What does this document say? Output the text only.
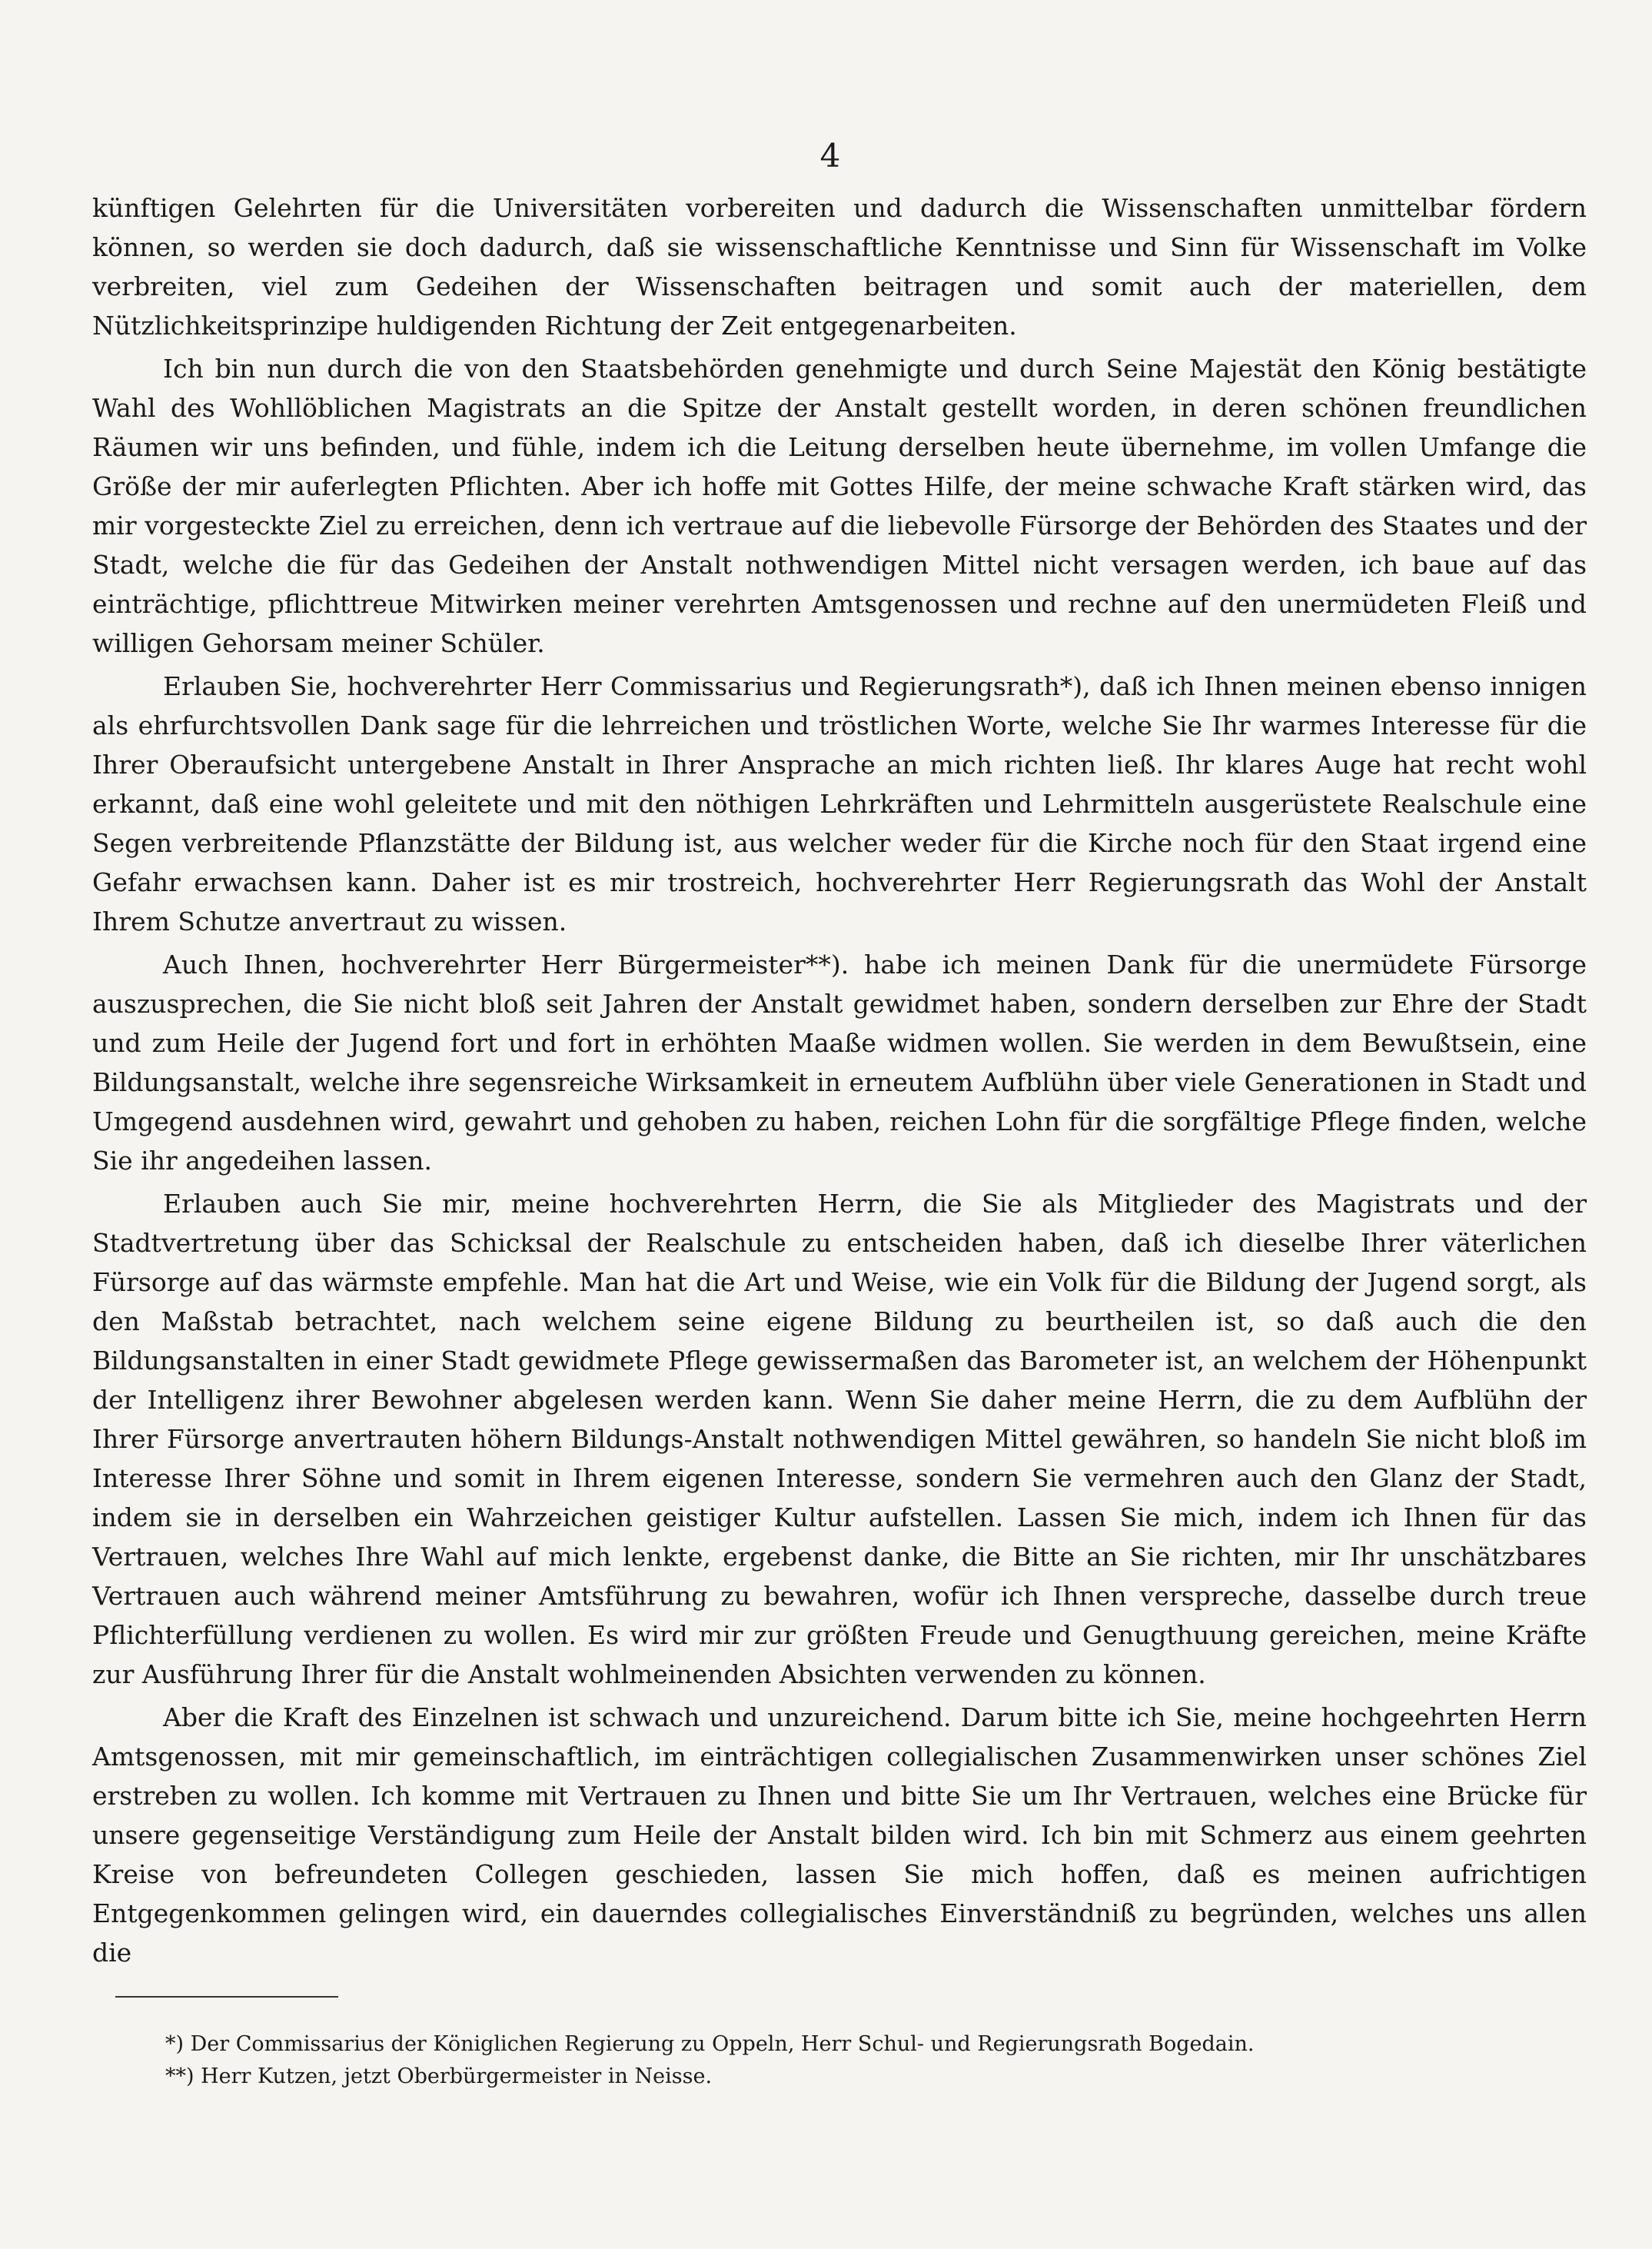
4

künftigen Gelehrten für die Universitäten vorbereiten und dadurch die Wissenschaften unmittelbar fördern können, so werden sie doch dadurch, daß sie wissenschaftliche Kenntnisse und Sinn für Wissenschaft im Volke verbreiten, viel zum Gedeihen der Wissenschaften beitragen und somit auch der materiellen, dem Nützlichkeitsprinzipe huldigenden Richtung der Zeit entgegenarbeiten.

Ich bin nun durch die von den Staatsbehörden genehmigte und durch Seine Majestät den König bestätigte Wahl des Wohllöblichen Magistrats an die Spitze der Anstalt gestellt worden, in deren schönen freundlichen Räumen wir uns befinden, und fühle, indem ich die Leitung derselben heute übernehme, im vollen Umfange die Größe der mir auferlegten Pflichten. Aber ich hoffe mit Gottes Hilfe, der meine schwache Kraft stärken wird, das mir vorgesteckte Ziel zu erreichen, denn ich vertraue auf die liebevolle Fürsorge der Behörden des Staates und der Stadt, welche die für das Gedeihen der Anstalt nothwendigen Mittel nicht versagen werden, ich baue auf das einträchtige, pflichttreue Mitwirken meiner verehrten Amtsgenossen und rechne auf den unermüdeten Fleiß und willigen Gehorsam meiner Schüler.

Erlauben Sie, hochverehrter Herr Commissarius und Regierungsrath*), daß ich Ihnen meinen ebenso innigen als ehrfurchtsvollen Dank sage für die lehrreichen und tröstlichen Worte, welche Sie Ihr warmes Interesse für die Ihrer Oberaufsicht untergebene Anstalt in Ihrer Ansprache an mich richten ließ. Ihr klares Auge hat recht wohl erkannt, daß eine wohl geleitete und mit den nöthigen Lehrkräften und Lehrmitteln ausgerüstete Realschule eine Segen verbreitende Pflanzstätte der Bildung ist, aus welcher weder für die Kirche noch für den Staat irgend eine Gefahr erwachsen kann. Daher ist es mir trostreich, hochverehrter Herr Regierungsrath das Wohl der Anstalt Ihrem Schutze anvertraut zu wissen.

Auch Ihnen, hochverehrter Herr Bürgermeister**). habe ich meinen Dank für die unermüdete Fürsorge auszusprechen, die Sie nicht bloß seit Jahren der Anstalt gewidmet haben, sondern derselben zur Ehre der Stadt und zum Heile der Jugend fort und fort in erhöhten Maaße widmen wollen. Sie werden in dem Bewußtsein, eine Bildungsanstalt, welche ihre segensreiche Wirksamkeit in erneutem Aufblühn über viele Generationen in Stadt und Umgegend ausdehnen wird, gewahrt und gehoben zu haben, reichen Lohn für die sorgfältige Pflege finden, welche Sie ihr angedeihen lassen.

Erlauben auch Sie mir, meine hochverehrten Herrn, die Sie als Mitglieder des Magistrats und der Stadtvertretung über das Schicksal der Realschule zu entscheiden haben, daß ich dieselbe Ihrer väterlichen Fürsorge auf das wärmste empfehle. Man hat die Art und Weise, wie ein Volk für die Bildung der Jugend sorgt, als den Maßstab betrachtet, nach welchem seine eigene Bildung zu beurtheilen ist, so daß auch die den Bildungsanstalten in einer Stadt gewidmete Pflege gewissermaßen das Barometer ist, an welchem der Höhenpunkt der Intelligenz ihrer Bewohner abgelesen werden kann. Wenn Sie daher meine Herrn, die zu dem Aufblühn der Ihrer Fürsorge anvertrauten höhern Bildungs-Anstalt nothwendigen Mittel gewähren, so handeln Sie nicht bloß im Interesse Ihrer Söhne und somit in Ihrem eigenen Interesse, sondern Sie vermehren auch den Glanz der Stadt, indem sie in derselben ein Wahrzeichen geistiger Kultur aufstellen. Lassen Sie mich, indem ich Ihnen für das Vertrauen, welches Ihre Wahl auf mich lenkte, ergebenst danke, die Bitte an Sie richten, mir Ihr unschätzbares Vertrauen auch während meiner Amtsführung zu bewahren, wofür ich Ihnen verspreche, dasselbe durch treue Pflichterfüllung verdienen zu wollen. Es wird mir zur größten Freude und Genugthuung gereichen, meine Kräfte zur Ausführung Ihrer für die Anstalt wohlmeinenden Absichten verwenden zu können.

Aber die Kraft des Einzelnen ist schwach und unzureichend. Darum bitte ich Sie, meine hochgeehrten Herrn Amtsgenossen, mit mir gemeinschaftlich, im einträchtigen collegialischen Zusammenwirken unser schönes Ziel erstreben zu wollen. Ich komme mit Vertrauen zu Ihnen und bitte Sie um Ihr Vertrauen, welches eine Brücke für unsere gegenseitige Verständigung zum Heile der Anstalt bilden wird. Ich bin mit Schmerz aus einem geehrten Kreise von befreundeten Collegen geschieden, lassen Sie mich hoffen, daß es meinen aufrichtigen Entgegenkommen gelingen wird, ein dauerndes collegialisches Einverständniß zu begründen, welches uns allen die

*) Der Commissarius der Königlichen Regierung zu Oppeln, Herr Schul- und Regierungsrath Bogedain.

**) Herr Kutzen, jetzt Oberbürgermeister in Neisse.
